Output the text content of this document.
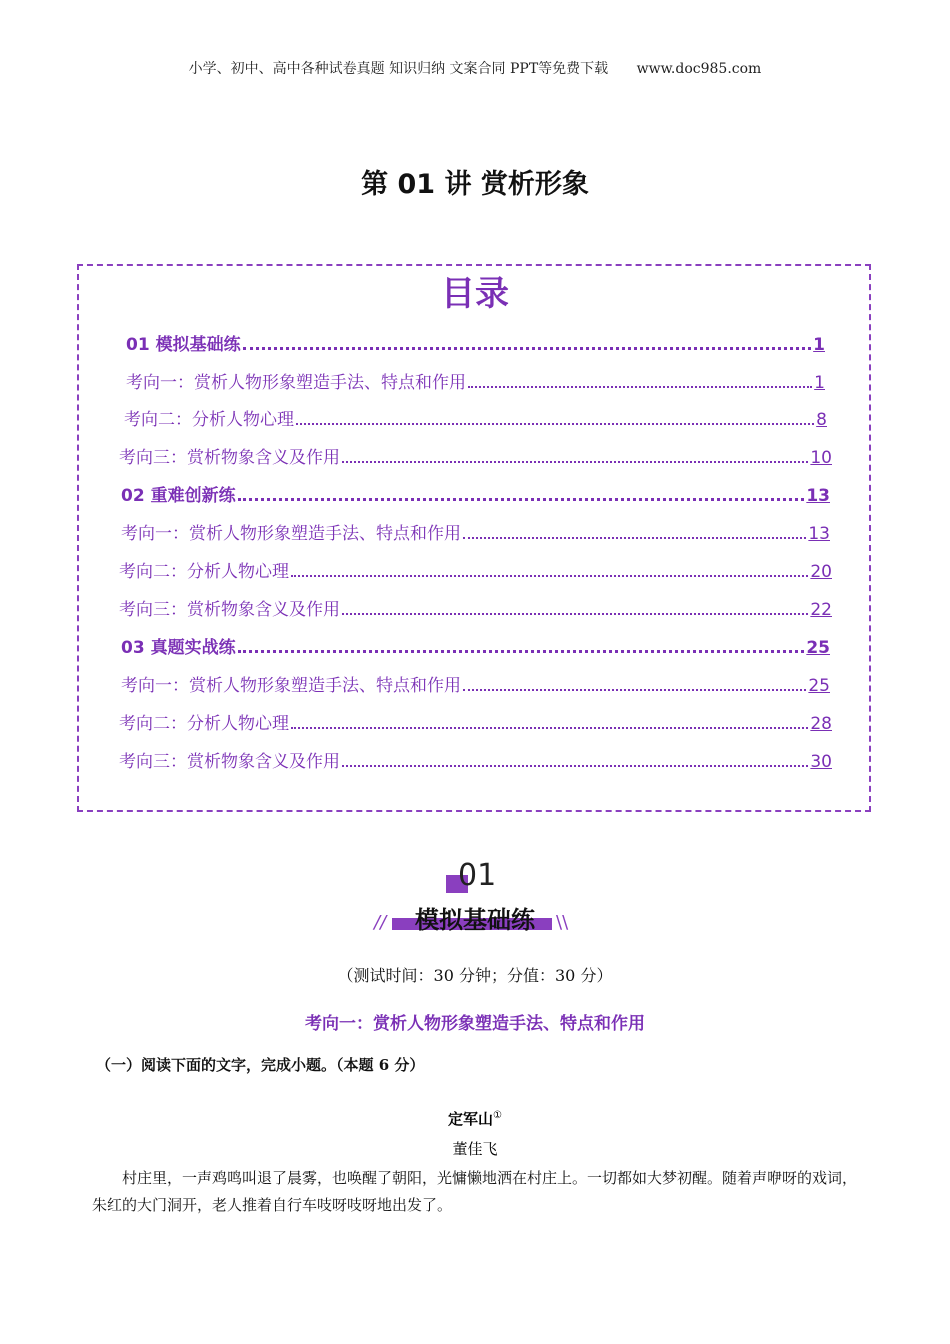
小学、初中、高中各种试卷真题 知识归纳 文案合同 PPT等免费下载 www.doc985.com
第 01 讲 赏析形象
目录
01 模拟基础练	1
考向一：赏析人物形象塑造手法、特点和作用	1
考向二：分析人物心理	8
考向三：赏析物象含义及作用	10
02 重难创新练	13
考向一：赏析人物形象塑造手法、特点和作用	13
考向二：分析人物心理	20
考向三：赏析物象含义及作用	22
03 真题实战练	25
考向一：赏析人物形象塑造手法、特点和作用	25
考向二：分析人物心理	28
考向三：赏析物象含义及作用	30
01
//	模拟基础练	\\
（测试时间：30 分钟；分值：30 分）
考向一：赏析人物形象塑造手法、特点和作用
（一）阅读下面的文字，完成小题。（本题 6 分）
定军山①
董佳飞
村庄里，一声鸡鸣叫退了晨雾，也唤醒了朝阳，光慵懒地洒在村庄上。一切都如大梦初醒。随着声咿呀的戏词，朱红的大门洞开，老人推着自行车吱呀吱呀地出发了。
